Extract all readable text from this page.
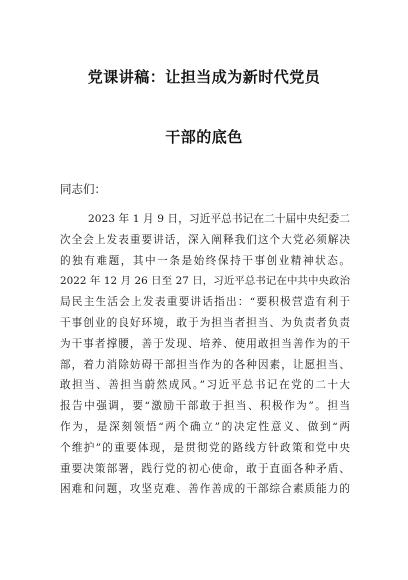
党课讲稿：让担当成为新时代党员
干部的底色
同志们：
2023 年 1 月 9 日，习近平总书记在二十届中央纪委二
次全会上发表重要讲话，深入阐释我们这个大党必须解决
的独有难题，其中一条是始终保持干事创业精神状态。
2022 年 12 月 26 日至 27 日，习近平总书记在中共中央政治
局民主生活会上发表重要讲话指出：“要积极营造有利于
干事创业的良好环境，敢于为担当者担当、为负责者负责
为干事者撑腰，善于发现、培养、使用敢担当善作为的干
部，着力消除妨碍干部担当作为的各种因素，让愿担当、
敢担当、善担当蔚然成风。”习近平总书记在党的二十大
报告中强调，要“激励干部敢于担当、积极作为”。担当
作为，是深刻领悟“两个确立”的决定性意义、做到“两
个维护”的重要体现，是贯彻党的路线方针政策和党中央
重要决策部署，践行党的初心使命，敢于直面各种矛盾、
困难和问题，攻坚克难、善作善成的干部综合素质能力的
